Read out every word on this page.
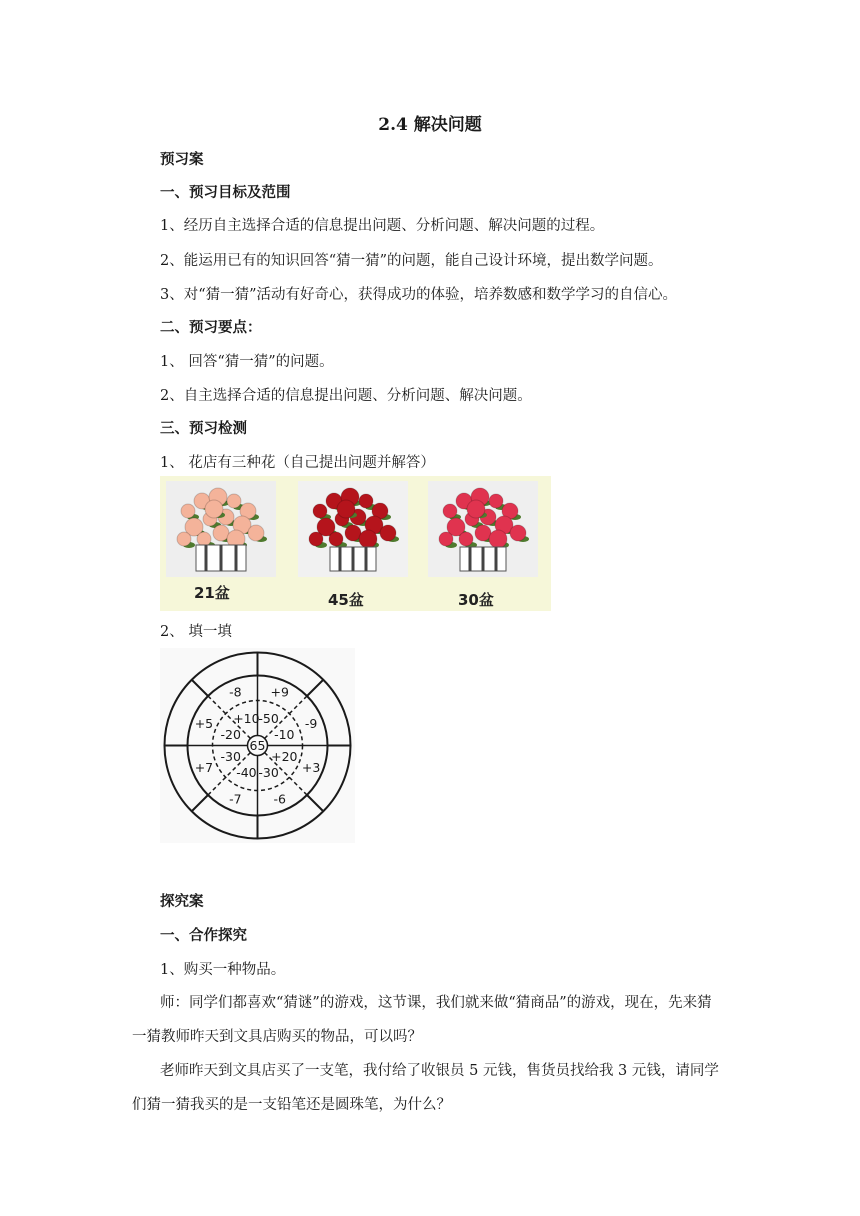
2.4 解决问题
预习案
一、预习目标及范围
1、经历自主选择合适的信息提出问题、分析问题、解决问题的过程。
2、能运用已有的知识回答“猜一猜”的问题，能自己设计环境，提出数学问题。
3、对“猜一猜”活动有好奇心，获得成功的体验，培养数感和数学学习的自信心。
二、预习要点：
1、 回答“猜一猜”的问题。
2、自主选择合适的信息提出问题、分析问题、解决问题。
三、预习检测
1、 花店有三种花（自己提出问题并解答）
21盆	45盆	30盆
2、 填一填
65
-50
-10
+20
-30
-40
-30
-20
+10
+9
-9
+3
-6
-7
+7
+5
-8
探究案
一、合作探究
1、购买一种物品。
师：同学们都喜欢“猜谜”的游戏，这节课，我们就来做“猜商品”的游戏，现在，先来猜
一猜教师昨天到文具店购买的物品，可以吗？
老师昨天到文具店买了一支笔，我付给了收银员 5 元钱，售货员找给我 3 元钱，请同学
们猜一猜我买的是一支铅笔还是圆珠笔，为什么？
